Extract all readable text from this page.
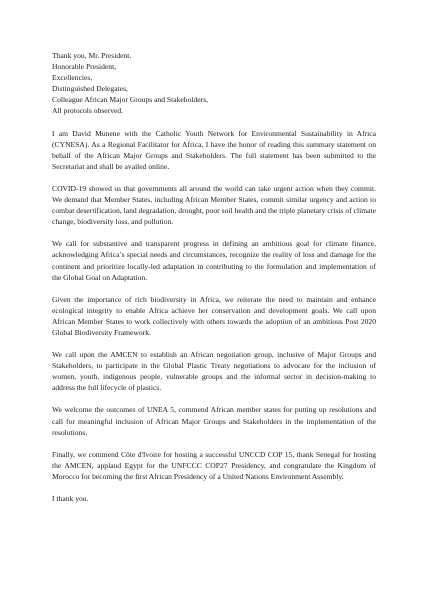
Thank you, Mr. President.

Honorable President,

Excellencies,

Distinguished Delegates,

Colleague African Major Groups and Stakeholders,

All protocols observed.

I am David Munene with the Catholic Youth Network for Environmental Sustainability in Africa (CYNESA). As a Regional Facilitator for Africa, I have the honor of reading this summary statement on behalf of the African Major Groups and Stakeholders. The full statement has been submitted to the Secretariat and shall be availed online.

COVID-19 showed us that governments all around the world can take urgent action when they commit. We demand that Member States, including African Member States, commit similar urgency and action to combat desertification, land degradation, drought, poor soil health and the triple planetary crisis of climate change, biodiversity loss, and pollution.

We call for substantive and transparent progress in defining an ambitious goal for climate finance, acknowledging Africa’s special needs and circumstances, recognize the reality of loss and damage for the continent and prioritize locally-led adaptation in contributing to the formulation and implementation of the Global Goal on Adaptation.

Given the importance of rich biodiversity in Africa, we reiterate the need to maintain and enhance ecological integrity to enable Africa achieve her conservation and development goals. We call upon African Member States to work collectively with others towards the adoption of an ambitious Post 2020 Global Biodiversity Framework.

We call upon the AMCEN to establish an African negotiation group, inclusive of Major Groups and Stakeholders, to participate in the Global Plastic Treaty negotiations to advocate for the inclusion of women, youth, indigenous people, vulnerable groups and the informal sector in decision-making to address the full lifecycle of plastics.

We welcome the outcomes of UNEA 5, commend African member states for putting up resolutions and call for meaningful inclusion of African Major Groups and Stakeholders in the implementation of the resolutions.

Finally, we commend Côte d'Ivoire for hosting a successful UNCCD COP 15, thank Senegal for hosting the AMCEN, applaud Egypt for the UNFCCC COP27 Presidency, and congratulate the Kingdom of Morocco for becoming the first African Presidency of a United Nations Environment Assembly.

I thank you.
